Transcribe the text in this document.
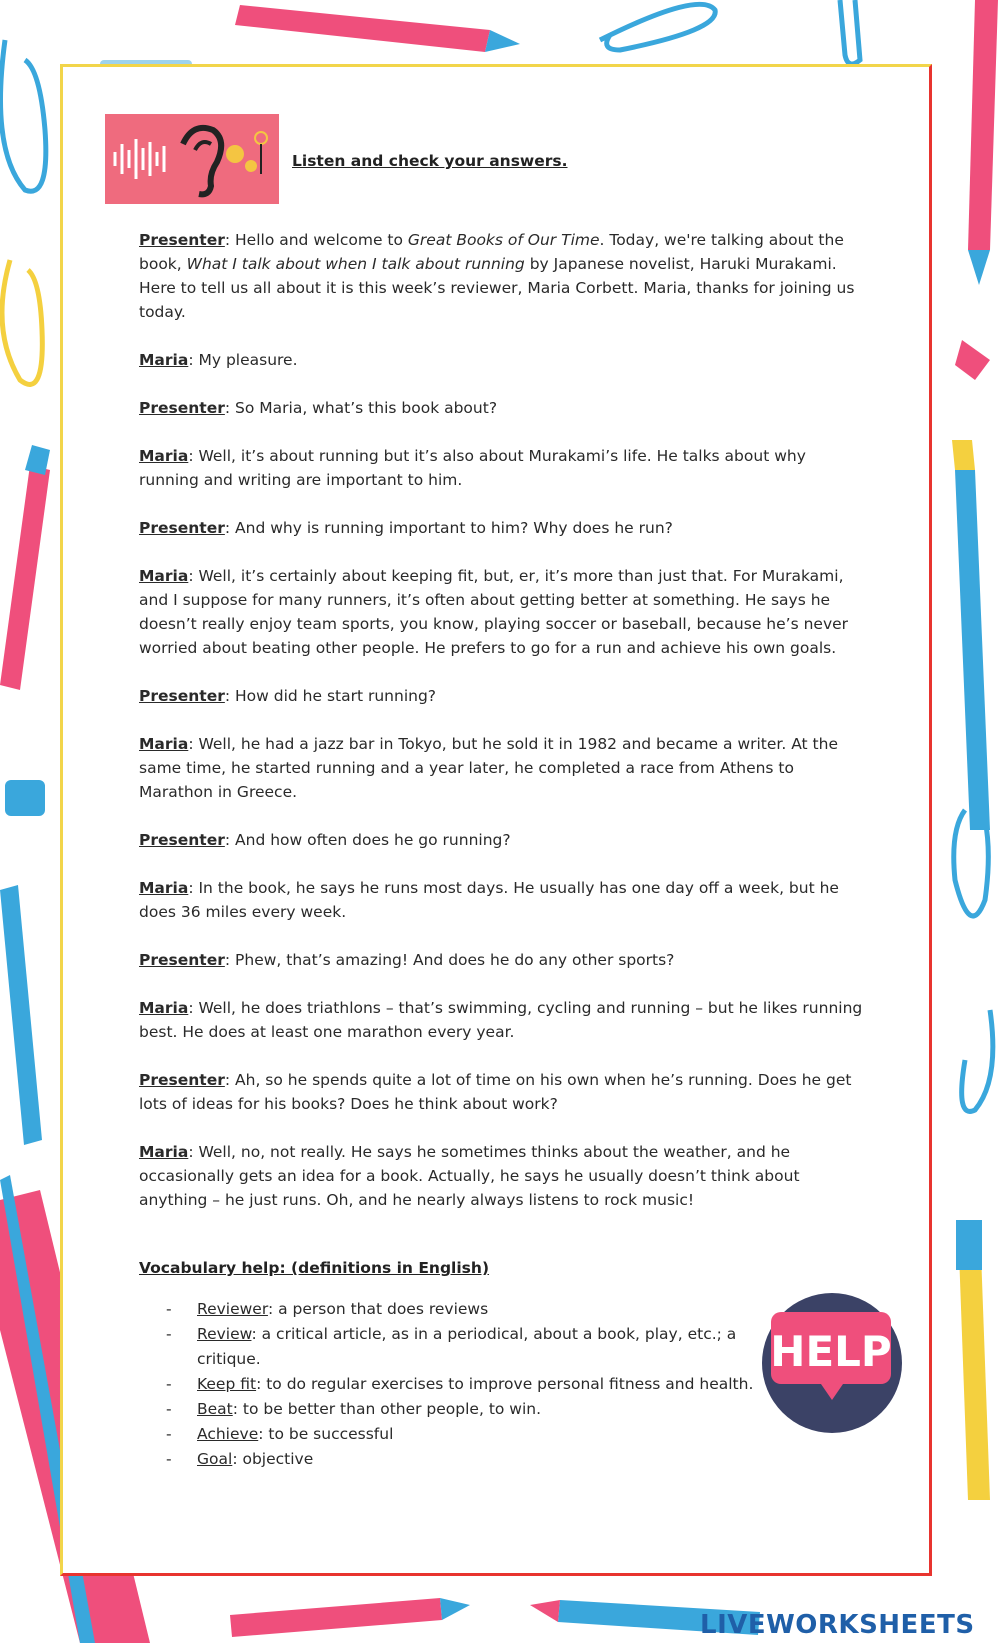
Listen and check your answers.

Presenter: Hello and welcome to Great Books of Our Time. Today, we're talking about the book, What I talk about when I talk about running by Japanese novelist, Haruki Murakami. Here to tell us all about it is this week’s reviewer, Maria Corbett. Maria, thanks for joining us today.

Maria: My pleasure.

Presenter: So Maria, what’s this book about?

Maria: Well, it’s about running but it’s also about Murakami’s life. He talks about why running and writing are important to him.

Presenter: And why is running important to him? Why does he run?

Maria: Well, it’s certainly about keeping fit, but, er, it’s more than just that. For Murakami, and I suppose for many runners, it’s often about getting better at something. He says he doesn’t really enjoy team sports, you know, playing soccer or baseball, because he’s never worried about beating other people. He prefers to go for a run and achieve his own goals.

Presenter: How did he start running?

Maria: Well, he had a jazz bar in Tokyo, but he sold it in 1982 and became a writer. At the same time, he started running and a year later, he completed a race from Athens to Marathon in Greece.

Presenter: And how often does he go running?

Maria: In the book, he says he runs most days. He usually has one day off a week, but he does 36 miles every week.

Presenter: Phew, that’s amazing! And does he do any other sports?

Maria: Well, he does triathlons – that’s swimming, cycling and running – but he likes running best. He does at least one marathon every year.

Presenter: Ah, so he spends quite a lot of time on his own when he’s running. Does he get lots of ideas for his books? Does he think about work?

Maria: Well, no, not really. He says he sometimes thinks about the weather, and he occasionally gets an idea for a book. Actually, he says he usually doesn’t think about anything – he just runs. Oh, and he nearly always listens to rock music!

Vocabulary help: (definitions in English)
- Reviewer: a person that does reviews
- Review: a critical article, as in a periodical, about a book, play, etc.; a critique.
- Keep fit: to do regular exercises to improve personal fitness and health.
- Beat: to be better than other people, to win.
- Achieve: to be successful
- Goal: objective
HELP
LIVEWORKSHEETS
